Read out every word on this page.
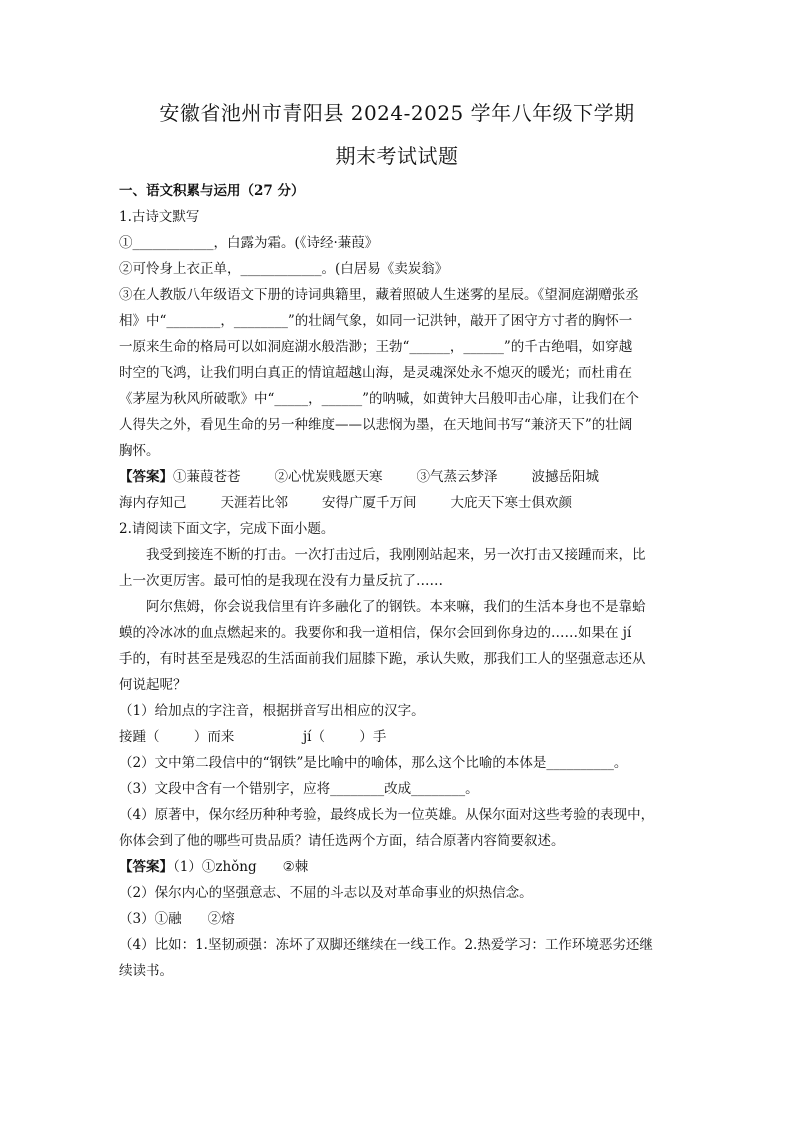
安徽省池州市青阳县 2024-2025 学年八年级下学期
期末考试试题
一、语文积累与运用（27 分）
1.古诗文默写
①____________，白露为霜。(《诗经·蒹葭》
②可怜身上衣正单，____________。(白居易《卖炭翁》
③在人教版八年级语文下册的诗词典籍里，藏着照破人生迷雾的星辰。《望洞庭湖赠张丞
相》中“________，________”的壮阔气象，如同一记洪钟，敲开了困守方寸者的胸怀一
一原来生命的格局可以如洞庭湖水般浩渺；王勃“______，______”的千古绝唱，如穿越
时空的飞鸿，让我们明白真正的情谊超越山海，是灵魂深处永不熄灭的暖光；而杜甫在
《茅屋为秋风所破歌》中“_____，______”的呐喊，如黄钟大吕般叩击心扉，让我们在个
人得失之外，看见生命的另一种维度——以悲悯为墨，在天地间书写“兼济天下”的壮阔
胸怀。
【答案】①蒹葭苍苍	②心忧炭贱愿天寒	③气蒸云梦泽	波撼岳阳城
海内存知己	天涯若比邻	安得广厦千万间	大庇天下寒士俱欢颜
2.请阅读下面文字，完成下面小题。
我受到接连不断的打击。一次打击过后，我刚刚站起来，另一次打击又接踵而来，比
上一次更厉害。最可怕的是我现在没有力量反抗了……
阿尔焦姆，你会说我信里有许多融化了的钢铁。本来嘛，我们的生活本身也不是靠蛤
蟆的冷冰冰的血点燃起来的。我要你和我一道相信，保尔会回到你身边的……如果在 jí
手的，有时甚至是残忍的生活面前我们屈膝下跪，承认失败，那我们工人的坚强意志还从
何说起呢？
（1）给加点的字注音，根据拼音写出相应的汉字。
接踵（        ）而来                jí（        ）手
（2）文中第二段信中的“钢铁”是比喻中的喻体，那么这个比喻的本体是__________。
（3）文段中含有一个错别字，应将________改成________。
（4）原著中，保尔经历种种考验，最终成长为一位英雄。从保尔面对这些考验的表现中，
你体会到了他的哪些可贵品质？请任选两个方面，结合原著内容简要叙述。
【答案】（1）①zhǒng ②棘
（2）保尔内心的坚强意志、不屈的斗志以及对革命事业的炽热信念。
（3）①融 ②熔
（4）比如：1.坚韧顽强：冻坏了双脚还继续在一线工作。2.热爱学习：工作环境恶劣还继
续读书。
